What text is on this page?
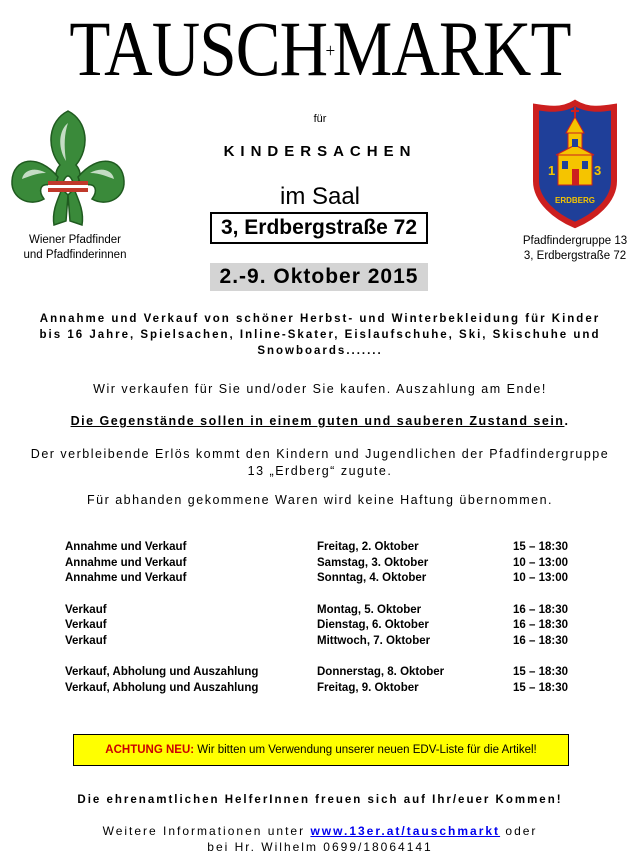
TAUSCH+MARKT
für
KINDERSACHEN
im Saal
3, Erdbergstraße 72
2.-9. Oktober 2015
Wiener Pfadfinder
und Pfadfinderinnen
1	3
ERDBERG
Pfadfindergruppe 13
3, Erdbergstraße 72
Annahme und Verkauf von schöner Herbst- und Winterbekleidung für Kinder bis 16 Jahre, Spielsachen, Inline-Skater, Eislaufschuhe, Ski, Skischuhe und Snowboards.......
Wir verkaufen für Sie und/oder Sie kaufen. Auszahlung am Ende!
Die Gegenstände sollen in einem guten und sauberen Zustand sein.
Der verbleibende Erlös kommt den Kindern und Jugendlichen der Pfadfindergruppe 13 „Erdberg“ zugute.
Für abhanden gekommene Waren wird keine Haftung übernommen.
Annahme und Verkauf	Freitag, 2. Oktober	15 – 18:30
Annahme und Verkauf	Samstag, 3. Oktober	10 – 13:00
Annahme und Verkauf	Sonntag, 4. Oktober	10 – 13:00
Verkauf	Montag, 5. Oktober	16 – 18:30
Verkauf	Dienstag, 6. Oktober	16 – 18:30
Verkauf	Mittwoch, 7. Oktober	16 – 18:30
Verkauf, Abholung und Auszahlung	Donnerstag, 8. Oktober	15 – 18:30
Verkauf, Abholung und Auszahlung	Freitag, 9. Oktober	15 – 18:30
ACHTUNG NEU: Wir bitten um Verwendung unserer neuen EDV-Liste für die Artikel!
Die ehrenamtlichen HelferInnen freuen sich auf Ihr/euer Kommen!
Weitere Informationen unter www.13er.at/tauschmarkt oder
bei Hr. Wilhelm 0699/18064141
